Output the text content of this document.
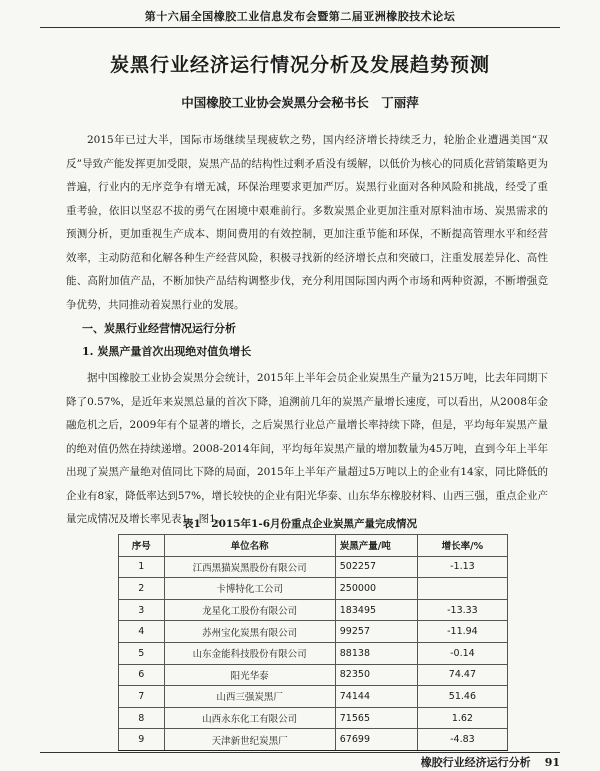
第十六届全国橡胶工业信息发布会暨第二届亚洲橡胶技术论坛
炭黑行业经济运行情况分析及发展趋势预测
中国橡胶工业协会炭黑分会秘书长　丁丽萍

2015年已过大半，国际市场继续呈现疲软之势，国内经济增长持续乏力，轮胎企业遭遇美国“双反”导致产能发挥更加受限，炭黑产品的结构性过剩矛盾没有缓解，以低价为核心的同质化营销策略更为普遍，行业内的无序竞争有增无减，环保治理要求更加严厉。炭黑行业面对各种风险和挑战，经受了重重考验，依旧以坚忍不拔的勇气在困境中艰难前行。多数炭黑企业更加注重对原料油市场、炭黑需求的预测分析，更加重视生产成本、期间费用的有效控制，更加注重节能和环保，不断提高管理水平和经营效率，主动防范和化解各种生产经营风险，积极寻找新的经济增长点和突破口，注重发展差异化、高性能、高附加值产品，不断加快产品结构调整步伐，充分利用国际国内两个市场和两种资源，不断增强竞争优势，共同推动着炭黑行业的发展。

一、炭黑行业经营情况运行分析

1. 炭黑产量首次出现绝对值负增长

据中国橡胶工业协会炭黑分会统计，2015年上半年会员企业炭黑生产量为215万吨，比去年同期下降了0.57%，是近年来炭黑总量的首次下降，追溯前几年的炭黑产量增长速度，可以看出，从2008年金融危机之后，2009年有个显著的增长，之后炭黑行业总产量增长率持续下降，但是，平均每年炭黑产量的绝对值仍然在持续递增。2008-2014年间，平均每年炭黑产量的增加数量为45万吨，直到今年上半年出现了炭黑产量绝对值同比下降的局面，2015年上半年产量超过5万吨以上的企业有14家，同比降低的企业有8家，降低率达到57%，增长较快的企业有阳光华泰、山东华东橡胶材料、山西三强，重点企业产量完成情况及增长率见表1、图1。

表1　2015年1-6月份重点企业炭黑产量完成情况
序号	单位名称	炭黑产量/吨	增长率/%
1	江西黑猫炭黑股份有限公司	502257	-1.13
2	卡博特化工公司	250000	
3	龙星化工股份有限公司	183495	-13.33
4	苏州宝化炭黑有限公司	99257	-11.94
5	山东金能科技股份有限公司	88138	-0.14
6	阳光华泰	82350	74.47
7	山西三强炭黑厂	74144	51.46
8	山西永东化工有限公司	71565	1.62
9	天津新世纪炭黑厂	67699	-4.83
橡胶行业经济运行分析 91
